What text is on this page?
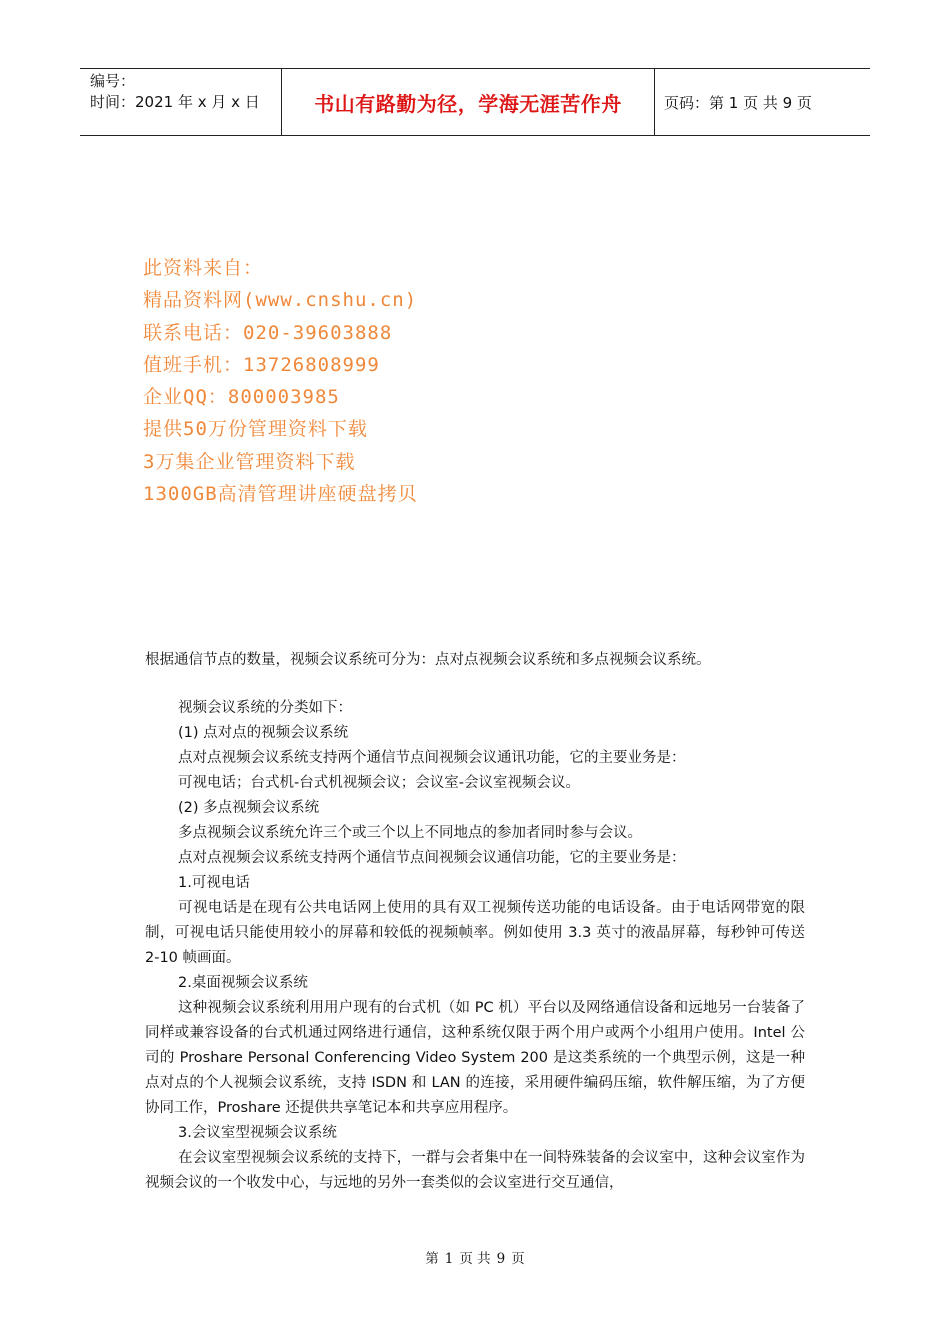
编号：
时间：2021 年 x 月 x 日	书山有路勤为径，学海无涯苦作舟	页码：第 1 页 共 9 页
此资料来自：
精品资料网(www.cnshu.cn)
联系电话：020-39603888
值班手机：13726808999
企业QQ：800003985
提供50万份管理资料下载
3万集企业管理资料下载
1300GB高清管理讲座硬盘拷贝
根据通信节点的数量，视频会议系统可分为：点对点视频会议系统和多点视频会议系统。

视频会议系统的分类如下：

(1) 点对点的视频会议系统

点对点视频会议系统支持两个通信节点间视频会议通讯功能，它的主要业务是：

可视电话；台式机-台式机视频会议；会议室-会议室视频会议。

(2) 多点视频会议系统

多点视频会议系统允许三个或三个以上不同地点的参加者同时参与会议。

点对点视频会议系统支持两个通信节点间视频会议通信功能，它的主要业务是：

1.可视电话

可视电话是在现有公共电话网上使用的具有双工视频传送功能的电话设备。由于电话网带宽的限制，可视电话只能使用较小的屏幕和较低的视频帧率。例如使用 3.3 英寸的液晶屏幕，每秒钟可传送 2-10 帧画面。

2.桌面视频会议系统

这种视频会议系统利用用户现有的台式机（如 PC 机）平台以及网络通信设备和远地另一台装备了同样或兼容设备的台式机通过网络进行通信，这种系统仅限于两个用户或两个小组用户使用。Intel 公司的 Proshare Personal Conferencing Video System 200 是这类系统的一个典型示例，这是一种点对点的个人视频会议系统，支持 ISDN 和 LAN 的连接，采用硬件编码压缩，软件解压缩，为了方便协同工作，Proshare 还提供共享笔记本和共享应用程序。

3.会议室型视频会议系统

在会议室型视频会议系统的支持下，一群与会者集中在一间特殊装备的会议室中，这种会议室作为视频会议的一个收发中心，与远地的另外一套类似的会议室进行交互通信，

第 1 页 共 9 页
